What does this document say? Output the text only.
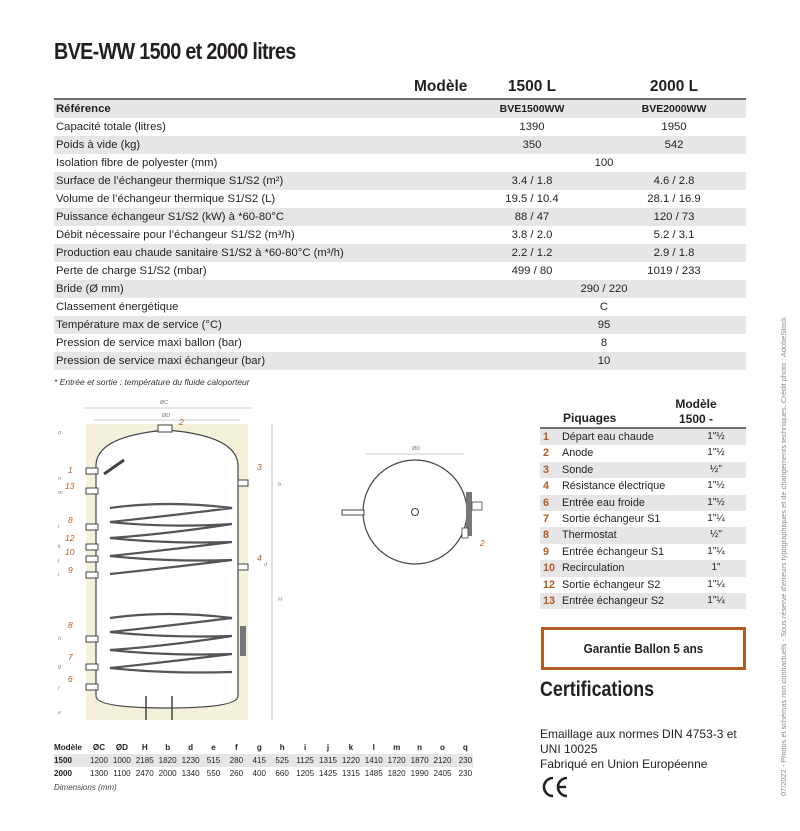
BVE-WW 1500 et 2000 litres
Modèle	1500 L	2000 L
Référence	BVE1500WW	BVE2000WW
Capacité totale (litres)	1390	1950
Poids à vide (kg)	350	542
Isolation fibre de polyester (mm)	100
Surface de l’échangeur thermique S1/S2 (m²)	3.4 / 1.8	4.6 / 2.8
Volume de l’échangeur thermique S1/S2 (L)	19.5 / 10.4	28.1 / 16.9
Puissance échangeur S1/S2 (kW) à *60-80°C	88 / 47	120 / 73
Débit nécessaire pour l’échangeur S1/S2 (m³/h)	3.8 / 2.0	5.2 / 3.1
Production eau chaude sanitaire S1/S2 à *60-80°C (m³/h)	2.2 / 1.2	2.9 / 1.8
Perte de charge S1/S2 (mbar)	499 / 80	1019 / 233
Bride (Ø mm)	290 / 220
Classement énergétique	C
Température max de service (°C)	95
Pression de service maxi ballon (bar)	8
Pression de service maxi échangeur (bar)	10
* Entrée et sortie : température du fluide caloporteur
ØC
ØD
1
13
8
12
10
9
8
7
6
2
3
4
q
n
m
l
k
j
i
h
g
f
e
b
d
H
ØD
2
Modèle
1500 -
Piquages
1 Départ eau chaude	1"½
2 Anode	1"½
3 Sonde	½"
4 Résistance électrique	1"½
6 Entrée eau froide	1"½
7 Sortie échangeur S1	1"¼
8 Thermostat	½"
9 Entrée échangeur S1	1"¼
10 Recirculation	1"
12 Sortie échangeur S2	1"¼
13 Entrée échangeur S2	1"¼
Garantie Ballon 5 ans
Certifications
Emaillage aux normes DIN 4753-3 et
UNI 10025
Fabriqué en Union Européenne
Modèle	ØC	ØD	H	b	d	e	f	g	h	i	j	k	l	m	n	o	q
1500	1200 1000 2185 1820 1230 515	280	415	525 1125 1315 1220 1410 1720 1870 2120 230
2000	1300 1100 2470 2000 1340 550	260	400	660 1205 1425 1315 1485 1820 1990 2405 230
Dimensions (mm)	07/2022 - Photos et schémas non contractuels - Sous réserve d'erreurs typographiques et de changements techniques. Crédit photo : AdobeStock
